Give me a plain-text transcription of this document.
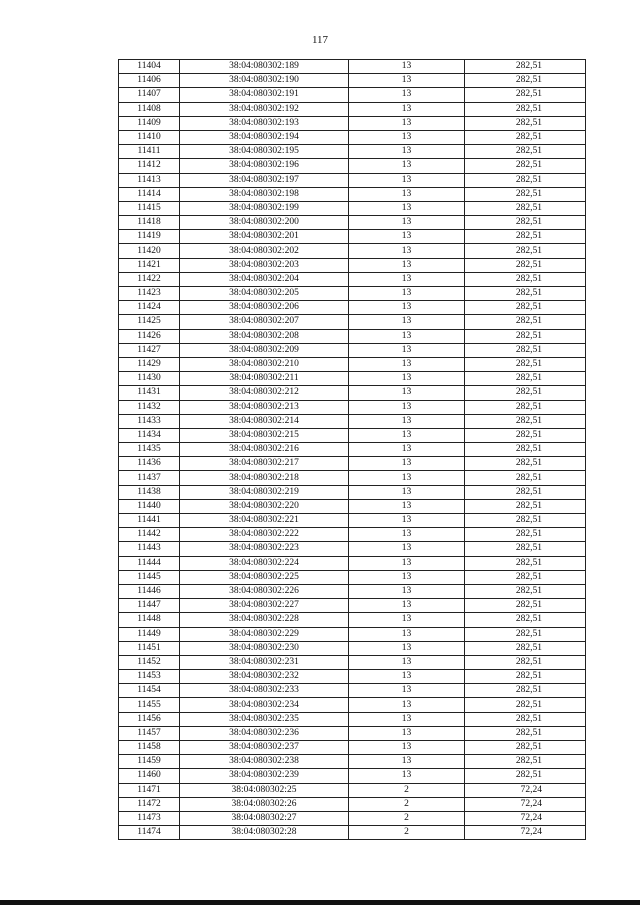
117
11404	38:04:080302:189	13	282,51
11406	38:04:080302:190	13	282,51
11407	38:04:080302:191	13	282,51
11408	38:04:080302:192	13	282,51
11409	38:04:080302:193	13	282,51
11410	38:04:080302:194	13	282,51
11411	38:04:080302:195	13	282,51
11412	38:04:080302:196	13	282,51
11413	38:04:080302:197	13	282,51
11414	38:04:080302:198	13	282,51
11415	38:04:080302:199	13	282,51
11418	38:04:080302:200	13	282,51
11419	38:04:080302:201	13	282,51
11420	38:04:080302:202	13	282,51
11421	38:04:080302:203	13	282,51
11422	38:04:080302:204	13	282,51
11423	38:04:080302:205	13	282,51
11424	38:04:080302:206	13	282,51
11425	38:04:080302:207	13	282,51
11426	38:04:080302:208	13	282,51
11427	38:04:080302:209	13	282,51
11429	38:04:080302:210	13	282,51
11430	38:04:080302:211	13	282,51
11431	38:04:080302:212	13	282,51
11432	38:04:080302:213	13	282,51
11433	38:04:080302:214	13	282,51
11434	38:04:080302:215	13	282,51
11435	38:04:080302:216	13	282,51
11436	38:04:080302:217	13	282,51
11437	38:04:080302:218	13	282,51
11438	38:04:080302:219	13	282,51
11440	38:04:080302:220	13	282,51
11441	38:04:080302:221	13	282,51
11442	38:04:080302:222	13	282,51
11443	38:04:080302:223	13	282,51
11444	38:04:080302:224	13	282,51
11445	38:04:080302:225	13	282,51
11446	38:04:080302:226	13	282,51
11447	38:04:080302:227	13	282,51
11448	38:04:080302:228	13	282,51
11449	38:04:080302:229	13	282,51
11451	38:04:080302:230	13	282,51
11452	38:04:080302:231	13	282,51
11453	38:04:080302:232	13	282,51
11454	38:04:080302:233	13	282,51
11455	38:04:080302:234	13	282,51
11456	38:04:080302:235	13	282,51
11457	38:04:080302:236	13	282,51
11458	38:04:080302:237	13	282,51
11459	38:04:080302:238	13	282,51
11460	38:04:080302:239	13	282,51
11471	38:04:080302:25	2	72,24
11472	38:04:080302:26	2	72,24
11473	38:04:080302:27	2	72,24
11474	38:04:080302:28	2	72,24
